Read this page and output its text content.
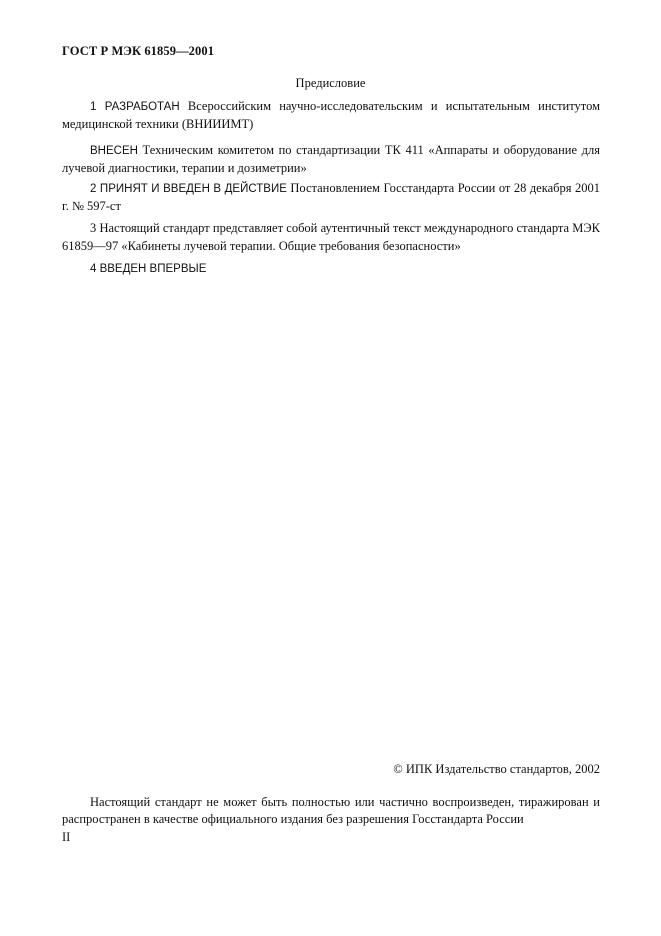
ГОСТ Р МЭК 61859—2001
Предисловие
1 РАЗРАБОТАН Всероссийским научно-исследовательским и испытательным институтом медицинской техники (ВНИИИМТ)
ВНЕСЕН Техническим комитетом по стандартизации ТК 411 «Аппараты и оборудование для лучевой диагностики, терапии и дозиметрии»
2 ПРИНЯТ И ВВЕДЕН В ДЕЙСТВИЕ Постановлением Госстандарта России от 28 декабря 2001 г. № 597-ст
3 Настоящий стандарт представляет собой аутентичный текст международного стандарта МЭК 61859—97 «Кабинеты лучевой терапии. Общие требования безопасности»
4 ВВЕДЕН ВПЕРВЫЕ
© ИПК Издательство стандартов, 2002
Настоящий стандарт не может быть полностью или частично воспроизведен, тиражирован и распространен в качестве официального издания без разрешения Госстандарта России
II
